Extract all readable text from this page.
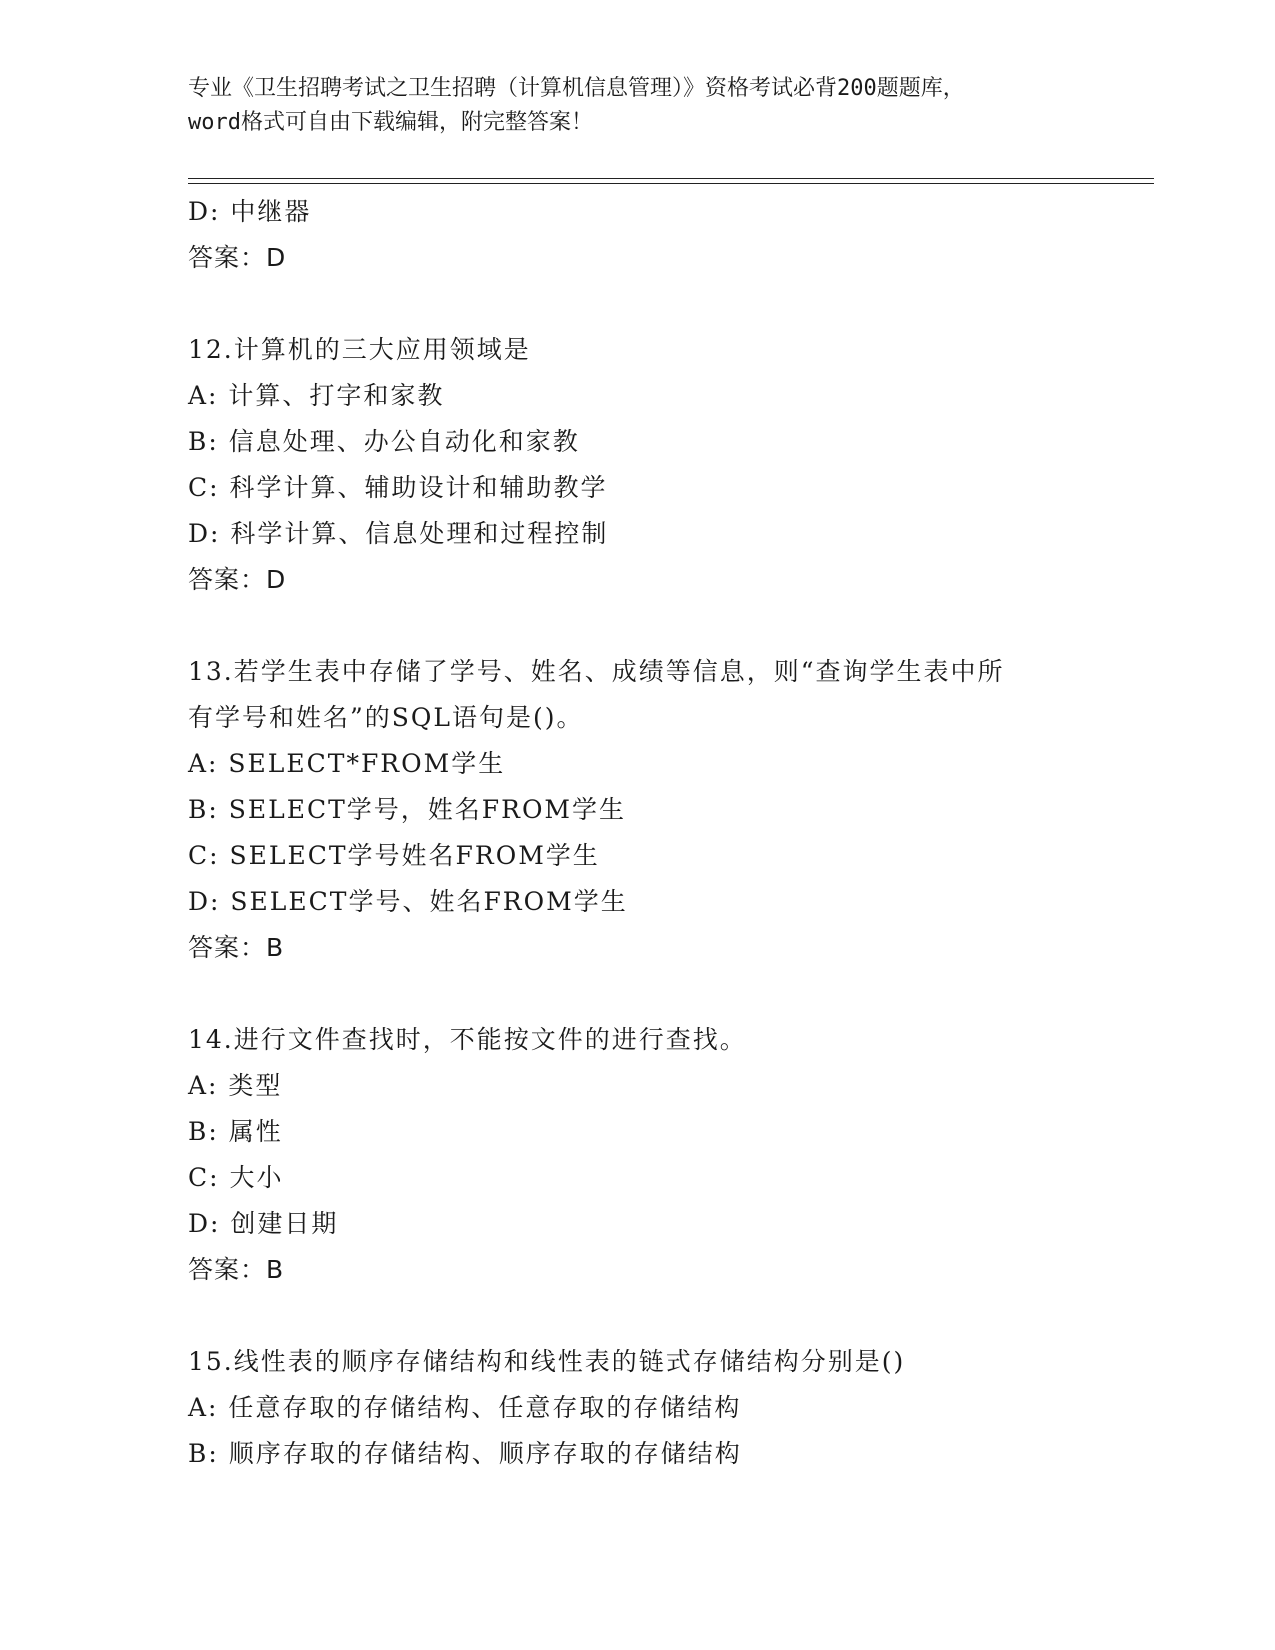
专业《卫生招聘考试之卫生招聘（计算机信息管理）》资格考试必背200题题库，
word格式可自由下载编辑，附完整答案！
D: 中继器
答案：D
12.计算机的三大应用领域是
A: 计算、打字和家教
B: 信息处理、办公自动化和家教
C: 科学计算、辅助设计和辅助教学
D: 科学计算、信息处理和过程控制
答案：D
13.若学生表中存储了学号、姓名、成绩等信息，则“查询学生表中所
有学号和姓名”的SQL语句是()。
A: SELECT*FROM学生
B: SELECT学号，姓名FROM学生
C: SELECT学号姓名FROM学生
D: SELECT学号、姓名FROM学生
答案：B
14.进行文件查找时，不能按文件的进行查找。
A: 类型
B: 属性
C: 大小
D: 创建日期
答案：B
15.线性表的顺序存储结构和线性表的链式存储结构分别是()
A: 任意存取的存储结构、任意存取的存储结构
B: 顺序存取的存储结构、顺序存取的存储结构
